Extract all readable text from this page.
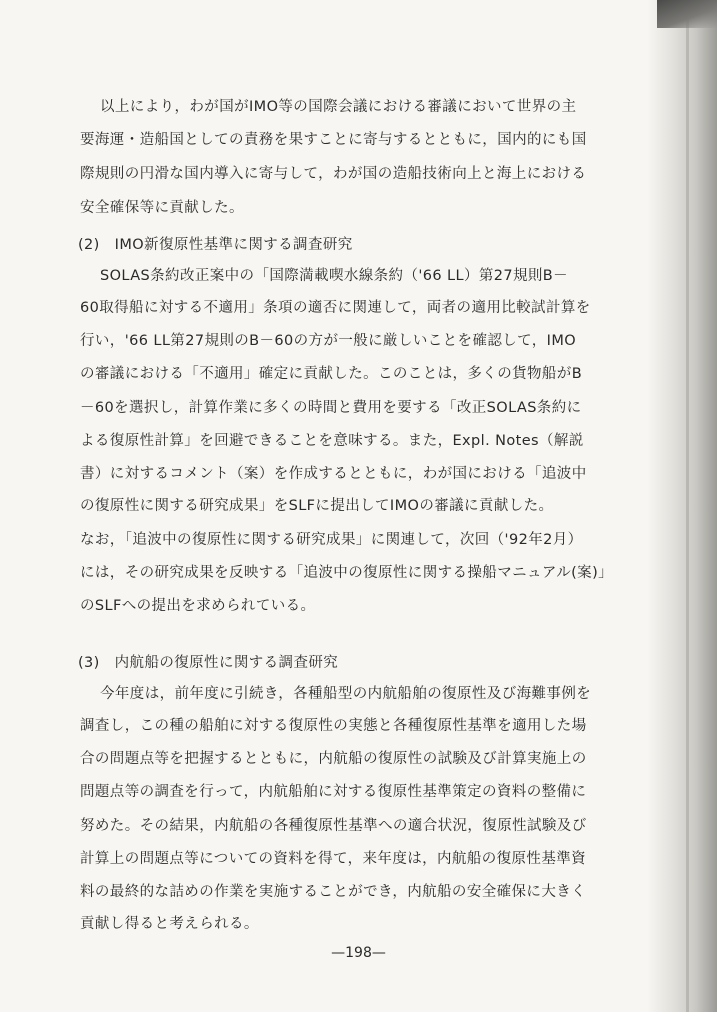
以上により，わが国がIMO等の国際会議における審議において世界の主
要海運・造船国としての責務を果すことに寄与するとともに，国内的にも国
際規則の円滑な国内導入に寄与して，わが国の造船技術向上と海上における
安全確保等に貢献した。
(2)　IMO新復原性基準に関する調査研究
SOLAS条約改正案中の「国際満載喫水線条約（'66 LL）第27規則B－
60取得船に対する不適用」条項の適否に関連して，両者の適用比較試計算を
行い，'66 LL第27規則のB－60の方が一般に厳しいことを確認して，IMO
の審議における「不適用」確定に貢献した。このことは，多くの貨物船がB
－60を選択し，計算作業に多くの時間と費用を要する「改正SOLAS条約に
よる復原性計算」を回避できることを意味する。また，Expl. Notes（解説
書）に対するコメント（案）を作成するとともに，わが国における「追波中
の復原性に関する研究成果」をSLFに提出してIMOの審議に貢献した。
なお，「追波中の復原性に関する研究成果」に関連して，次回（'92年2月）
には，その研究成果を反映する「追波中の復原性に関する操船マニュアル(案)」
のSLFへの提出を求められている。
(3)　内航船の復原性に関する調査研究
今年度は，前年度に引続き，各種船型の内航船舶の復原性及び海難事例を
調査し，この種の船舶に対する復原性の実態と各種復原性基準を適用した場
合の問題点等を把握するとともに，内航船の復原性の試験及び計算実施上の
問題点等の調査を行って，内航船舶に対する復原性基準策定の資料の整備に
努めた。その結果，内航船の各種復原性基準への適合状況，復原性試験及び
計算上の問題点等についての資料を得て，来年度は，内航船の復原性基準資
料の最終的な詰めの作業を実施することができ，内航船の安全確保に大きく
貢献し得ると考えられる。
—198—
